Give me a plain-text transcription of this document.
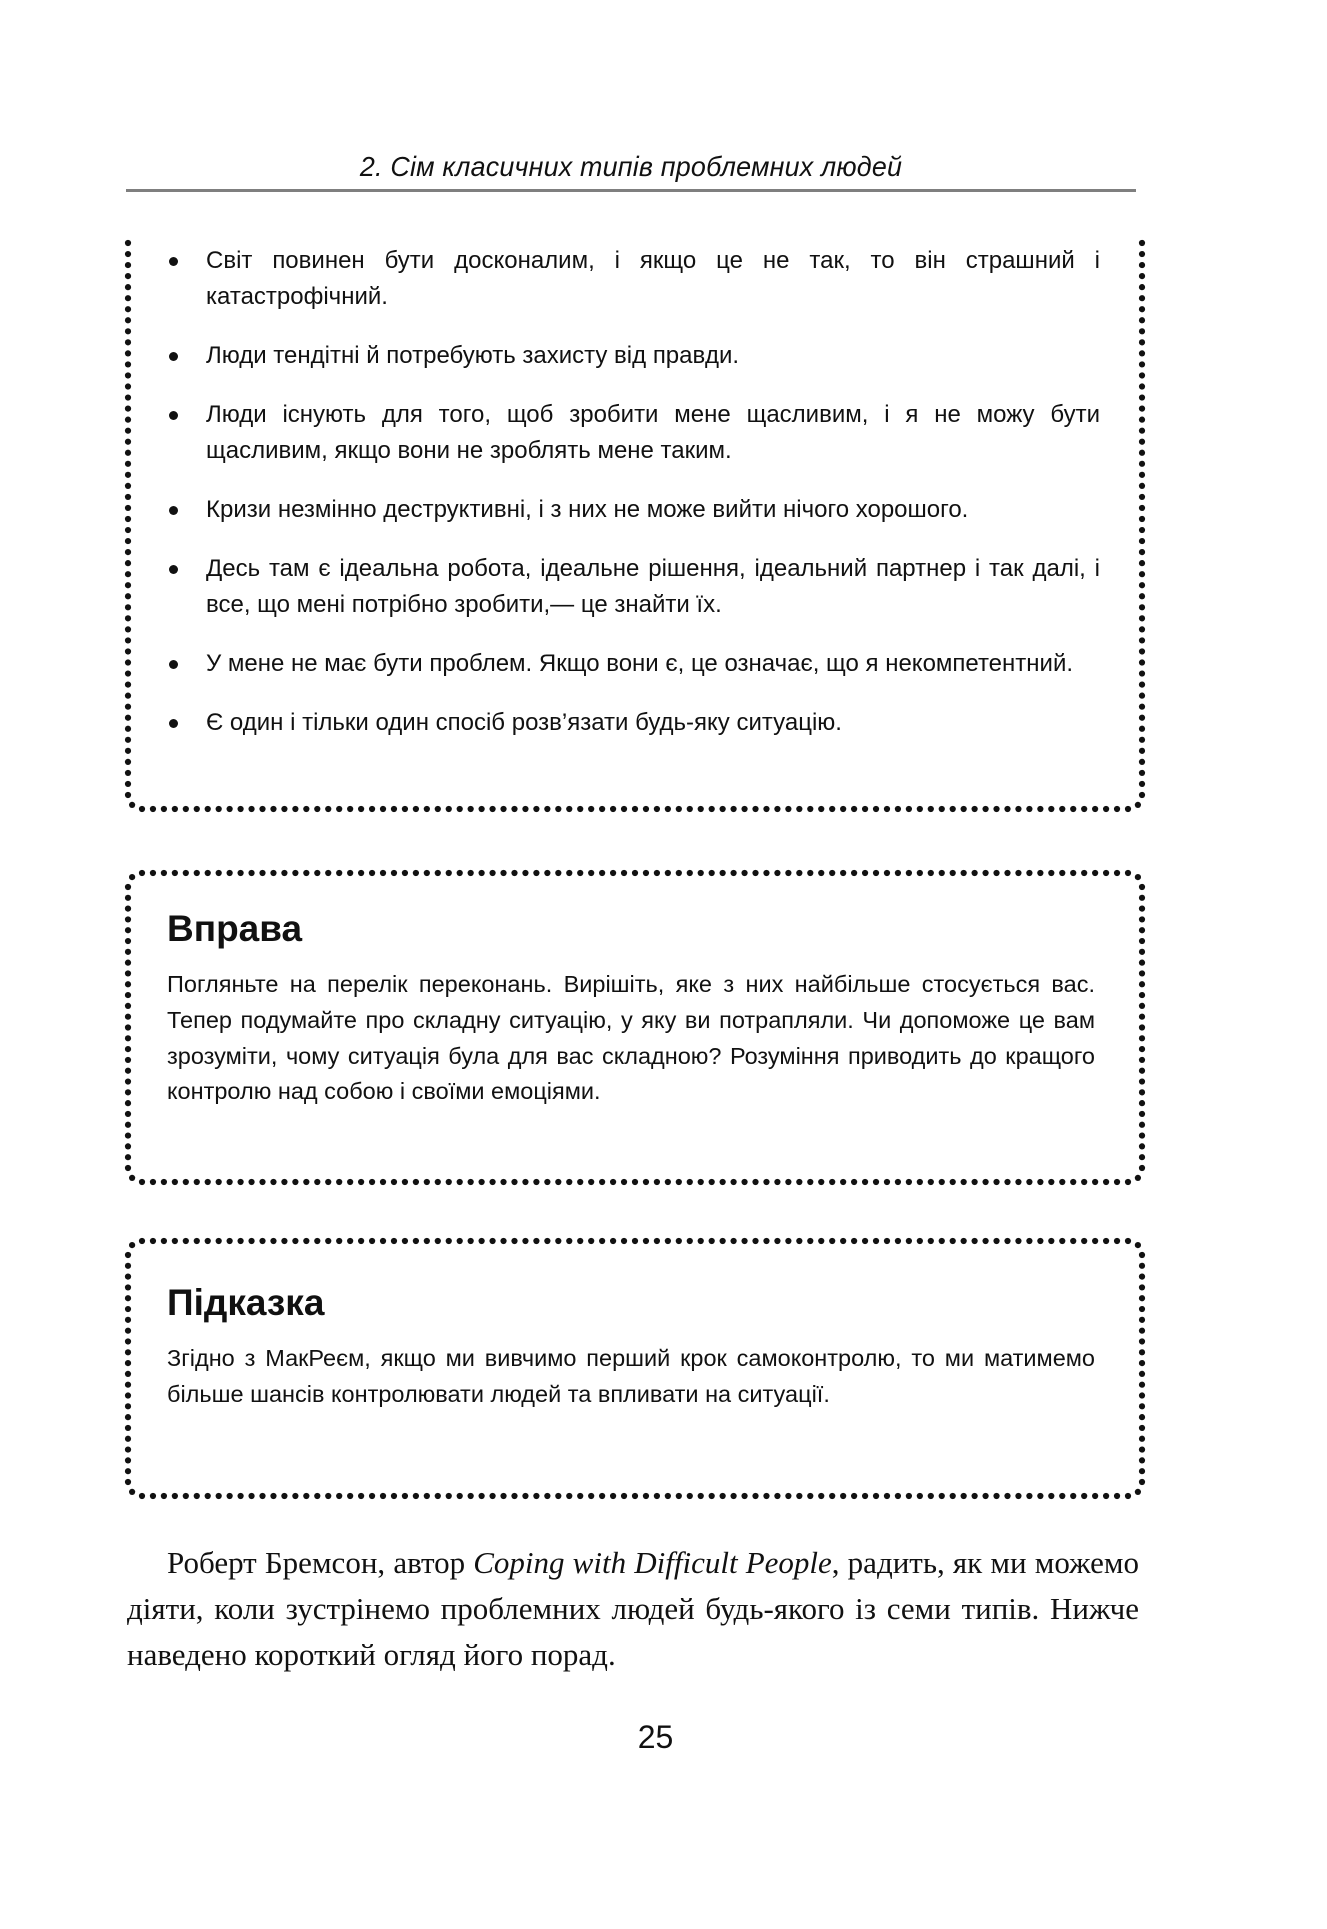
2. Сім класичних типів проблемних людей
Світ повинен бути досконалим, і якщо це не так, то він страшний і катастрофічний.
Люди тендітні й потребують захисту від правди.
Люди існують для того, щоб зробити мене щасливим, і я не можу бути щасливим, якщо вони не зроблять мене таким.
Кризи незмінно деструктивні, і з них не може вийти нічого хорошого.
Десь там є ідеальна робота, ідеальне рішення, ідеальний партнер і так далі, і все, що мені потрібно зробити,— це знайти їх.
У мене не має бути проблем. Якщо вони є, це означає, що я некомпетентний.
Є один і тільки один спосіб розв’язати будь-яку ситуацію.
Вправа

Погляньте на перелік переконань. Вирішіть, яке з них найбільше стосується вас. Тепер подумайте про складну ситуацію, у яку ви потрапляли. Чи допоможе це вам зрозуміти, чому ситуація була для вас складною? Розуміння приводить до кращого контролю над собою і своїми емоціями.

Підказка

Згідно з МакРеєм, якщо ми вивчимо перший крок самоконтролю, то ми матимемо більше шансів контролювати людей та впливати на ситуації.

Роберт Бремсон, автор Coping with Difficult People, радить, як ми можемо діяти, коли зустрінемо проблемних людей будь-якого із семи типів. Нижче наведено короткий огляд його порад.

25
